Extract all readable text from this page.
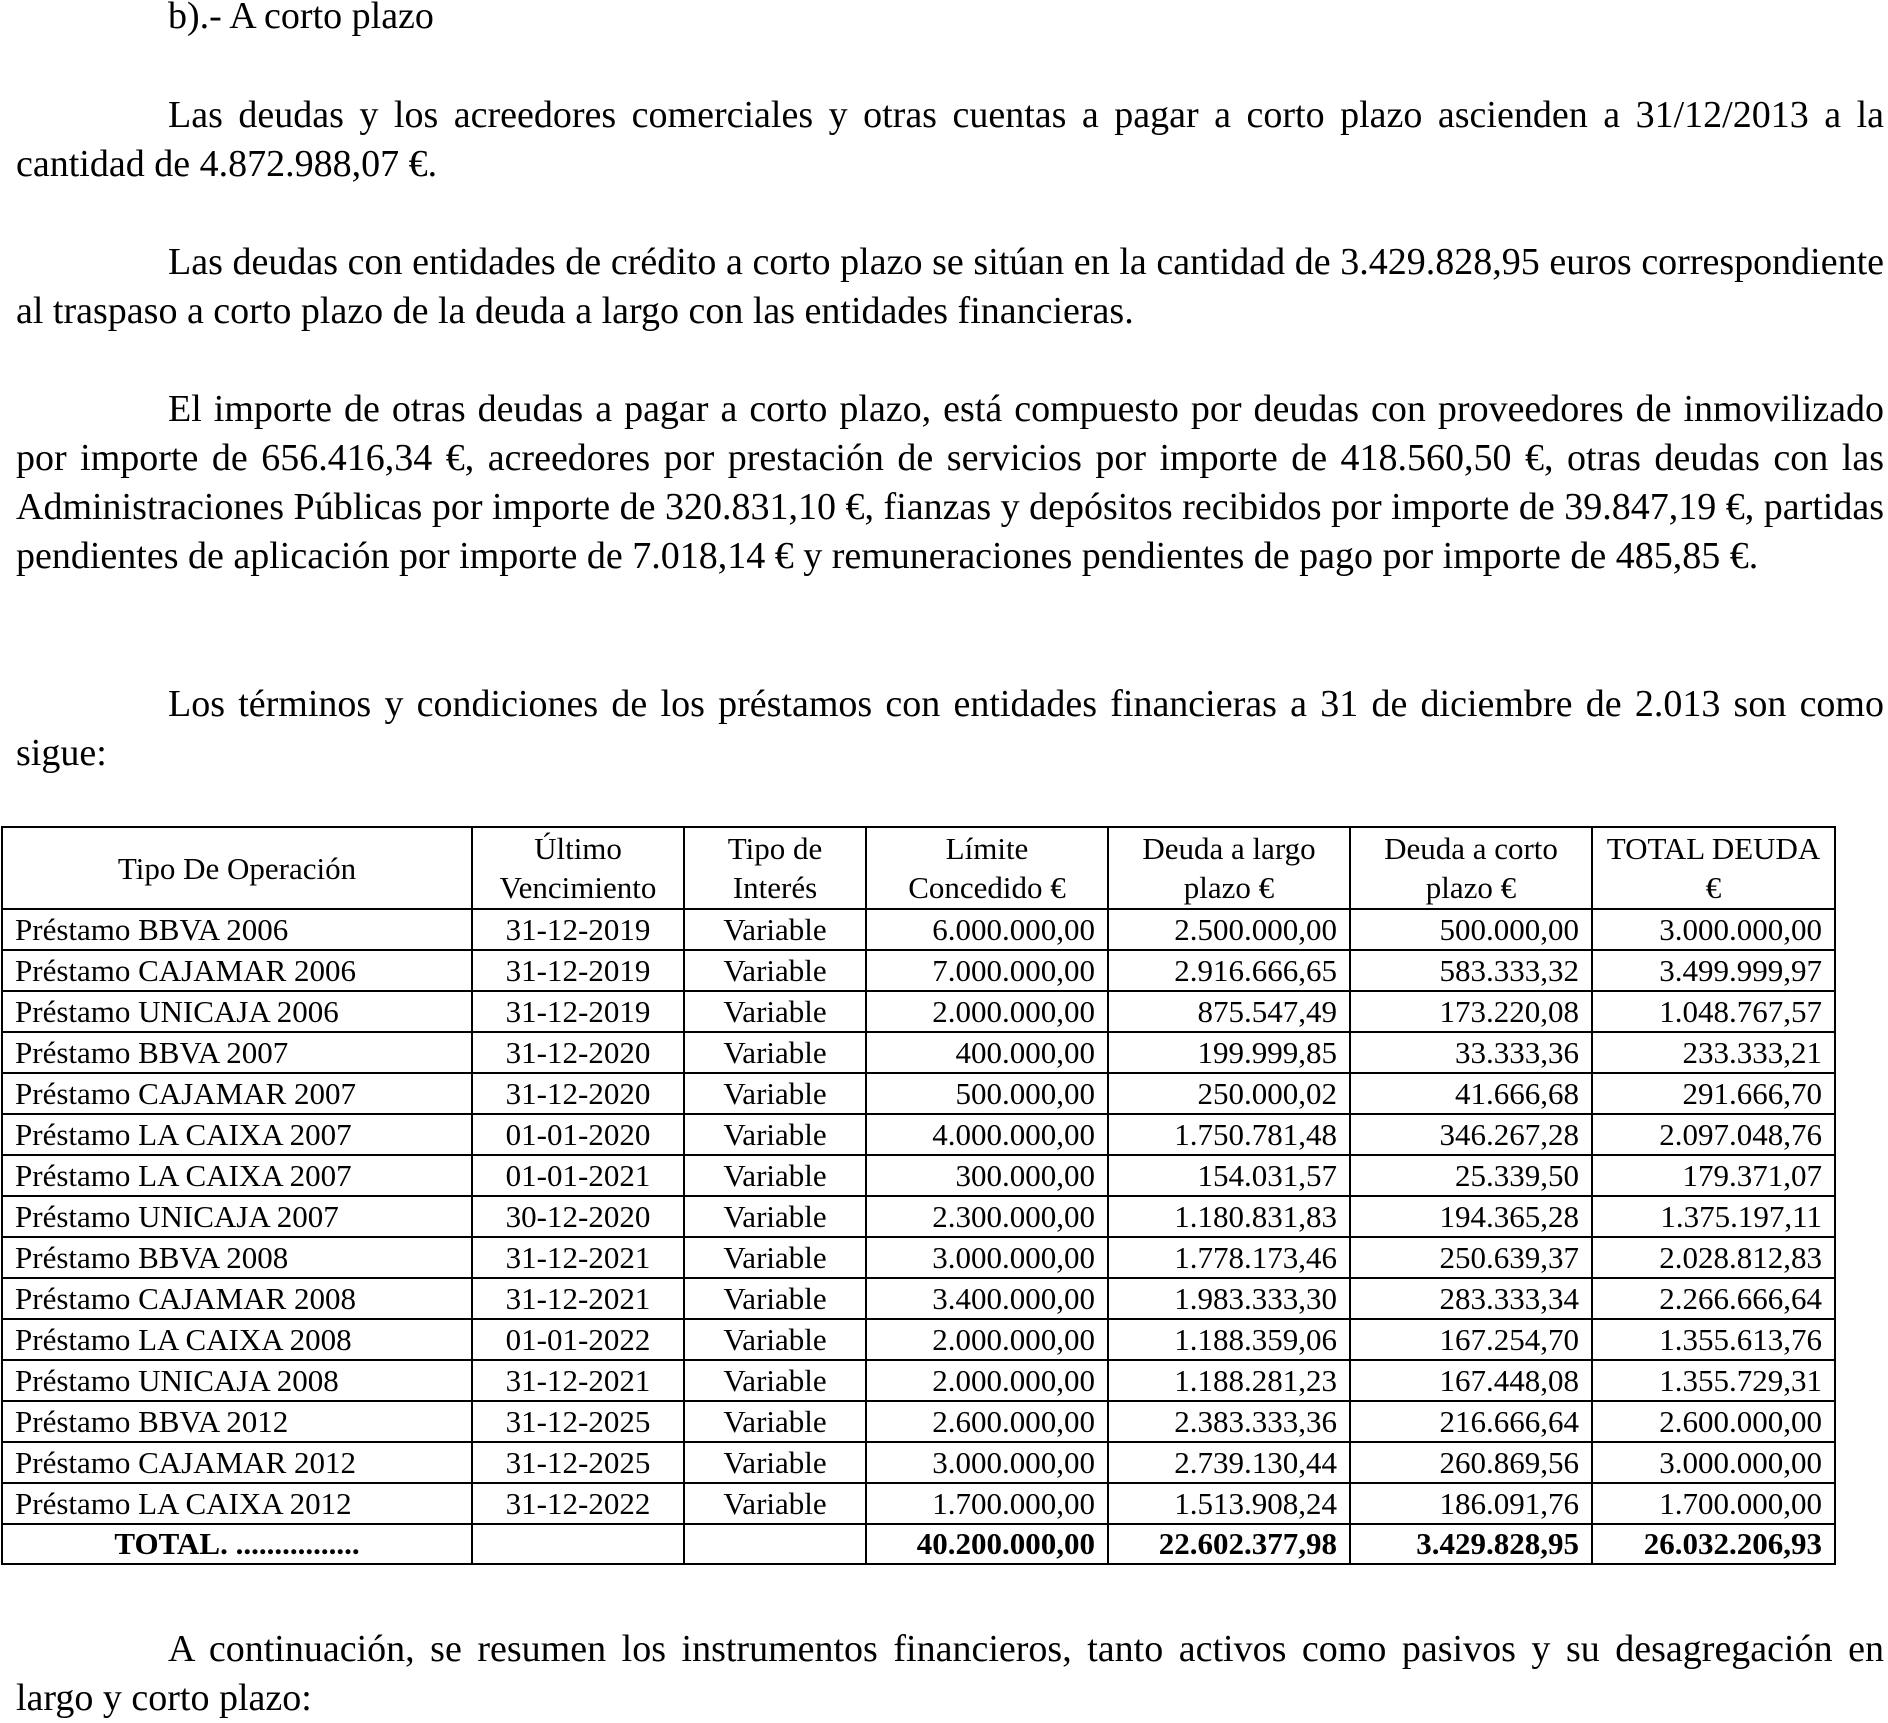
b).- A corto plazo

Las deudas y los acreedores comerciales y otras cuentas a pagar a corto plazo ascienden a 31/12/2013 a la cantidad de 4.872.988,07 €.

Las deudas con entidades de crédito a corto plazo se sitúan en la cantidad de 3.429.828,95 euros correspondiente al traspaso a corto plazo de la deuda a largo con las entidades financieras.

El importe de otras deudas a pagar a corto plazo, está compuesto por deudas con proveedores de inmovilizado por importe de 656.416,34 €, acreedores por prestación de servicios por importe de 418.560,50 €, otras deudas con las Administraciones Públicas por importe de 320.831,10 €, fianzas y depósitos recibidos por importe de 39.847,19 €, partidas pendientes de aplicación por importe de 7.018,14 € y remuneraciones pendientes de pago por importe de 485,85 €.

Los términos y condiciones de los préstamos con entidades financieras a 31 de diciembre de 2.013 son como sigue:

Tipo De Operación	Último Vencimiento	Tipo de Interés	Límite Concedido €	Deuda a largo plazo €	Deuda a corto plazo €	TOTAL DEUDA €
Préstamo BBVA 2006	31-12-2019	Variable	6.000.000,00	2.500.000,00	500.000,00	3.000.000,00
Préstamo CAJAMAR 2006	31-12-2019	Variable	7.000.000,00	2.916.666,65	583.333,32	3.499.999,97
Préstamo UNICAJA 2006	31-12-2019	Variable	2.000.000,00	875.547,49	173.220,08	1.048.767,57
Préstamo BBVA 2007	31-12-2020	Variable	400.000,00	199.999,85	33.333,36	233.333,21
Préstamo CAJAMAR 2007	31-12-2020	Variable	500.000,00	250.000,02	41.666,68	291.666,70
Préstamo LA CAIXA 2007	01-01-2020	Variable	4.000.000,00	1.750.781,48	346.267,28	2.097.048,76
Préstamo LA CAIXA 2007	01-01-2021	Variable	300.000,00	154.031,57	25.339,50	179.371,07
Préstamo UNICAJA 2007	30-12-2020	Variable	2.300.000,00	1.180.831,83	194.365,28	1.375.197,11
Préstamo BBVA 2008	31-12-2021	Variable	3.000.000,00	1.778.173,46	250.639,37	2.028.812,83
Préstamo CAJAMAR 2008	31-12-2021	Variable	3.400.000,00	1.983.333,30	283.333,34	2.266.666,64
Préstamo LA CAIXA 2008	01-01-2022	Variable	2.000.000,00	1.188.359,06	167.254,70	1.355.613,76
Préstamo UNICAJA 2008	31-12-2021	Variable	2.000.000,00	1.188.281,23	167.448,08	1.355.729,31
Préstamo BBVA 2012	31-12-2025	Variable	2.600.000,00	2.383.333,36	216.666,64	2.600.000,00
Préstamo CAJAMAR 2012	31-12-2025	Variable	3.000.000,00	2.739.130,44	260.869,56	3.000.000,00
Préstamo LA CAIXA 2012	31-12-2022	Variable	1.700.000,00	1.513.908,24	186.091,76	1.700.000,00
TOTAL. ................			40.200.000,00	22.602.377,98	3.429.828,95	26.032.206,93

A continuación, se resumen los instrumentos financieros, tanto activos como pasivos y su desagregación en largo y corto plazo:
